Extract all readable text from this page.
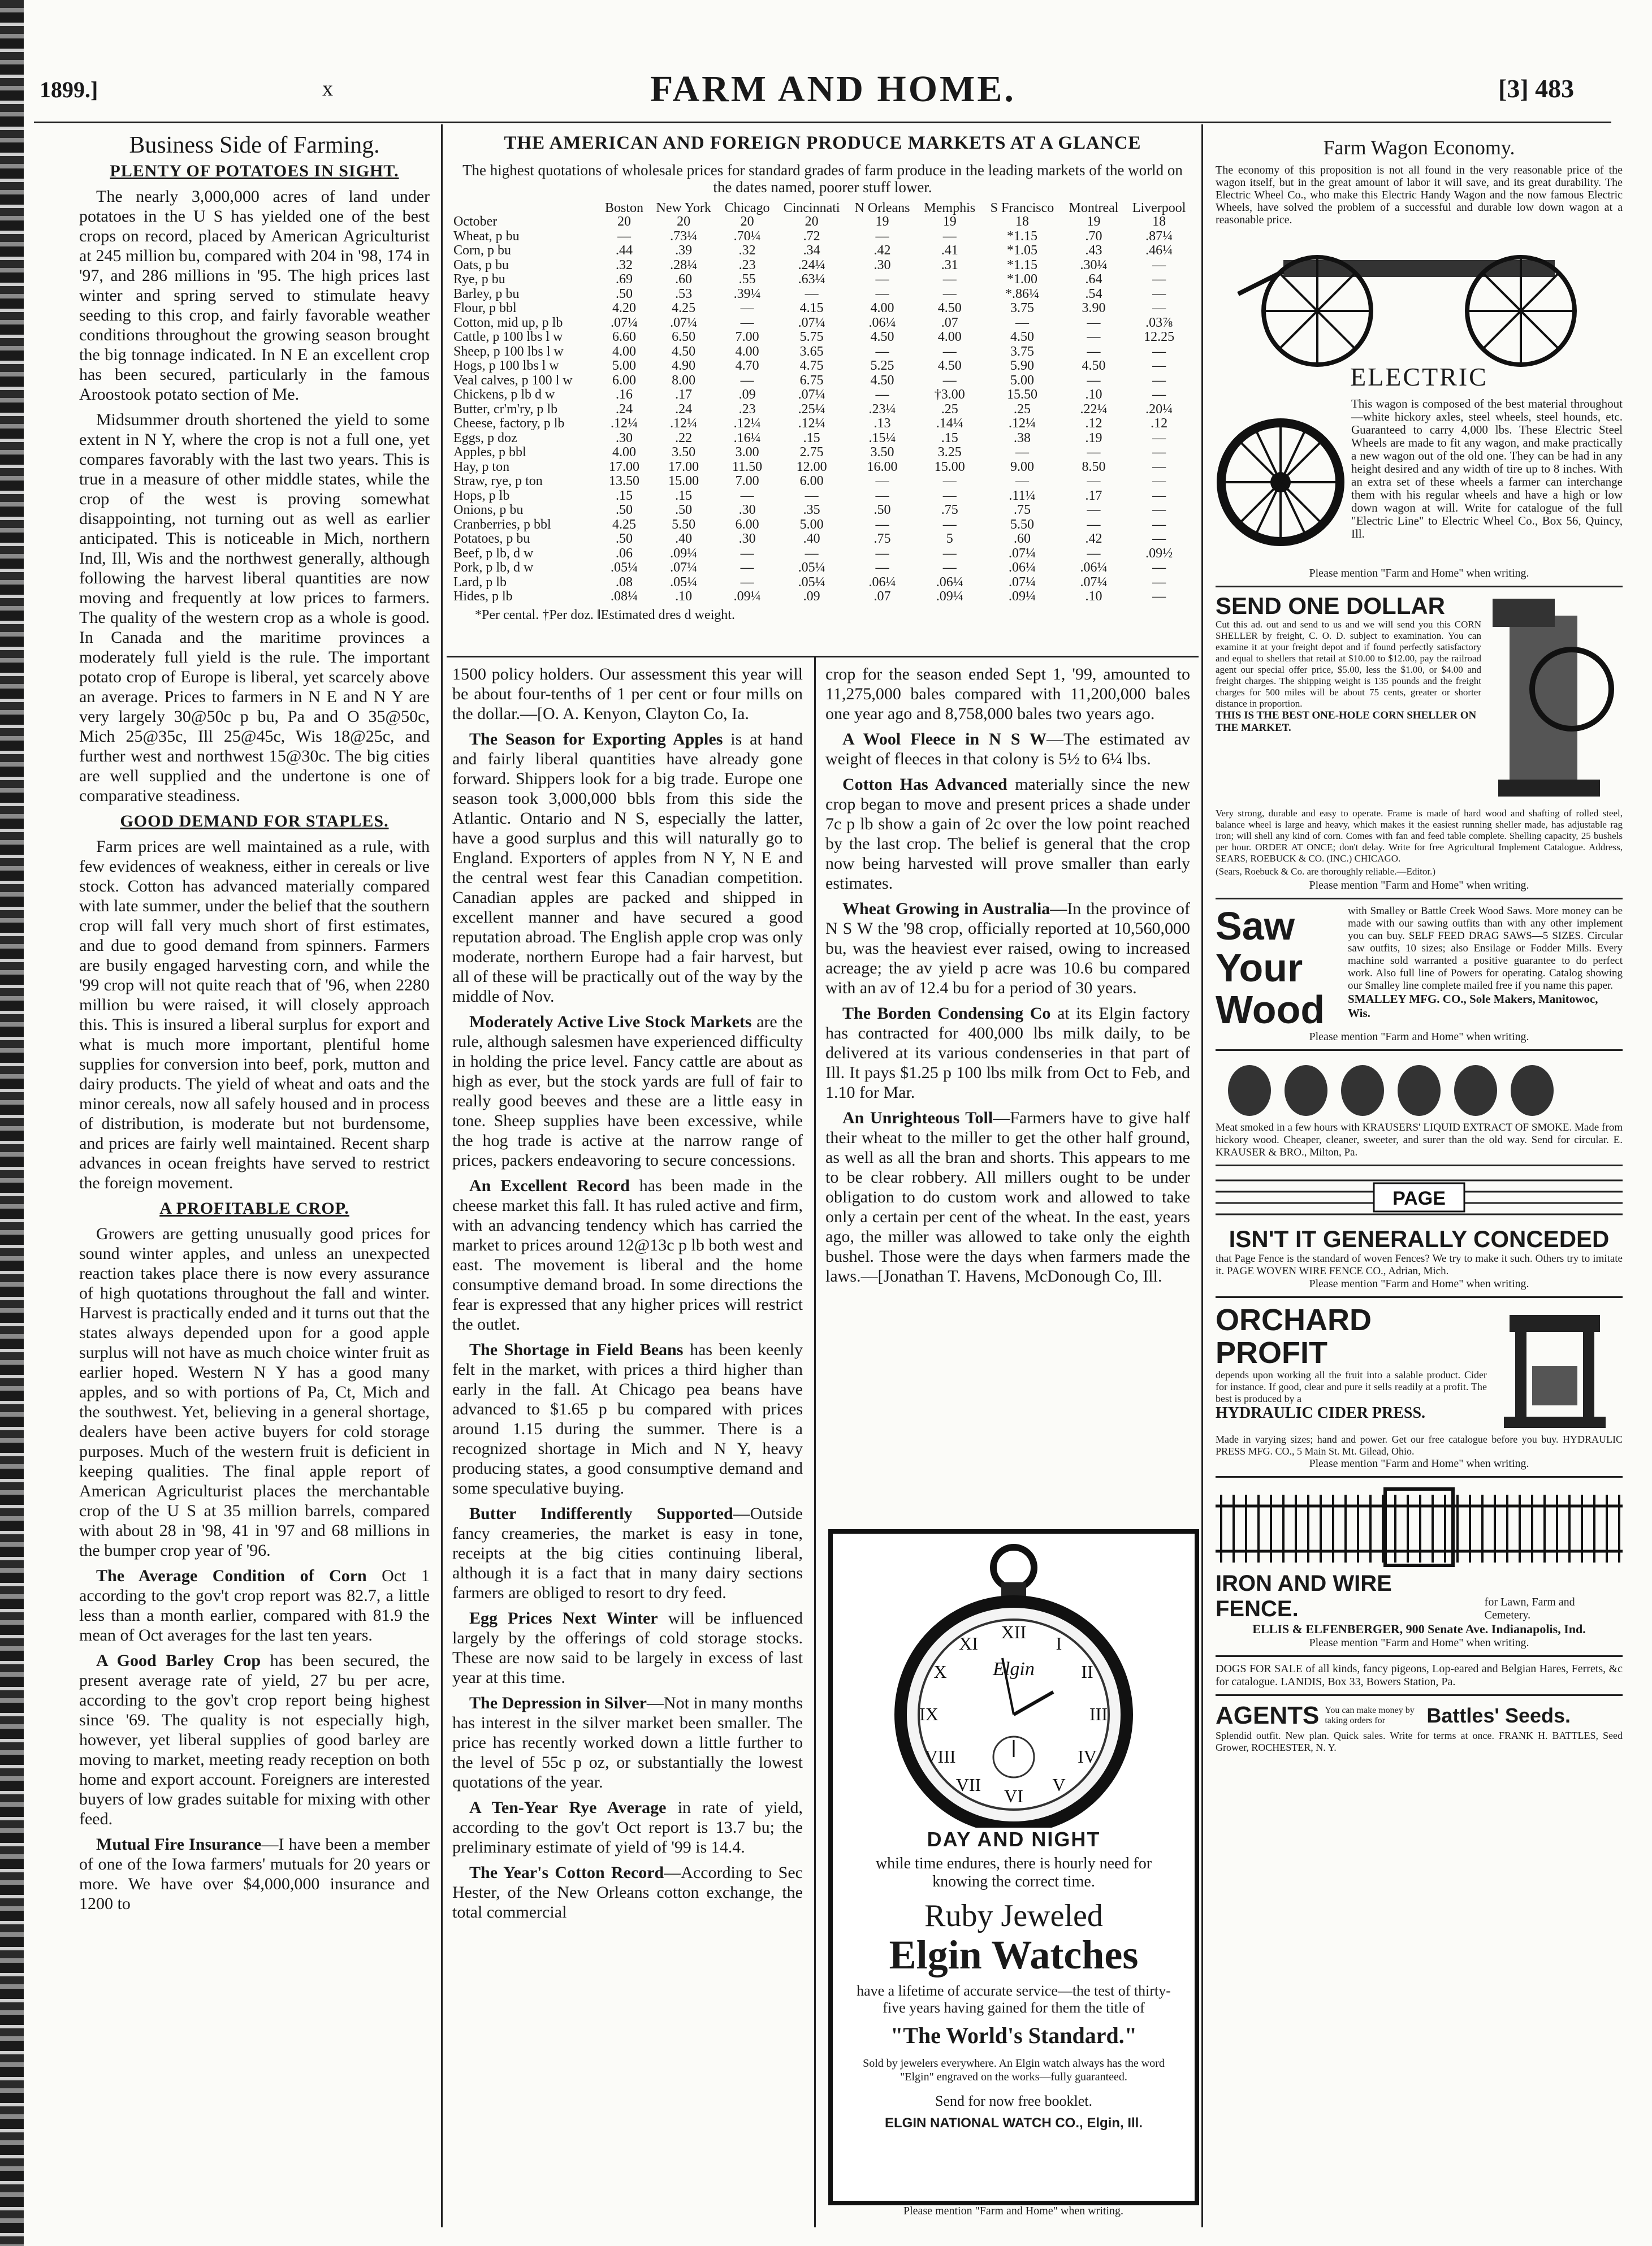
1899.]	x	FARM AND HOME.	[3] 483

Business Side of Farming.

PLENTY OF POTATOES IN SIGHT.

The nearly 3,000,000 acres of land under potatoes in the U S has yielded one of the best crops on record, placed by American Agriculturist at 245 million bu, compared with 204 in '98, 174 in '97, and 286 millions in '95. The high prices last winter and spring served to stimulate heavy seeding to this crop, and fairly favorable weather conditions throughout the growing season brought the big tonnage indicated. In N E an excellent crop has been secured, particularly in the famous Aroostook potato section of Me.

Midsummer drouth shortened the yield to some extent in N Y, where the crop is not a full one, yet compares favorably with the last two years. This is true in a measure of other middle states, while the crop of the west is proving somewhat disappointing, not turning out as well as earlier anticipated. This is noticeable in Mich, northern Ind, Ill, Wis and the northwest generally, although following the harvest liberal quantities are now moving and frequently at low prices to farmers. The quality of the western crop as a whole is good. In Canada and the maritime provinces a moderately full yield is the rule. The important potato crop of Europe is liberal, yet scarcely above an average. Prices to farmers in N E and N Y are very largely 30@50c p bu, Pa and O 35@50c, Mich 25@35c, Ill 25@45c, Wis 18@25c, and further west and northwest 15@30c. The big cities are well supplied and the undertone is one of comparative steadiness.

GOOD DEMAND FOR STAPLES.

Farm prices are well maintained as a rule, with few evidences of weakness, either in cereals or live stock. Cotton has advanced materially compared with late summer, under the belief that the southern crop will fall very much short of first estimates, and due to good demand from spinners. Farmers are busily engaged harvesting corn, and while the '99 crop will not quite reach that of '96, when 2280 million bu were raised, it will closely approach this. This is insured a liberal surplus for export and what is much more important, plentiful home supplies for conversion into beef, pork, mutton and dairy products. The yield of wheat and oats and the minor cereals, now all safely housed and in process of distribution, is moderate but not burdensome, and prices are fairly well maintained. Recent sharp advances in ocean freights have served to restrict the foreign movement.

A PROFITABLE CROP.

Growers are getting unusually good prices for sound winter apples, and unless an unexpected reaction takes place there is now every assurance of high quotations throughout the fall and winter. Harvest is practically ended and it turns out that the states always depended upon for a good apple surplus will not have as much choice winter fruit as earlier hoped. Western N Y has a good many apples, and so with portions of Pa, Ct, Mich and the southwest. Yet, believing in a general shortage, dealers have been active buyers for cold storage purposes. Much of the western fruit is deficient in keeping qualities. The final apple report of American Agriculturist places the merchantable crop of the U S at 35 million barrels, compared with about 28 in '98, 41 in '97 and 68 millions in the bumper crop year of '96.

The Average Condition of Corn Oct 1 according to the gov't crop report was 82.7, a little less than a month earlier, compared with 81.9 the mean of Oct averages for the last ten years.

A Good Barley Crop has been secured, the present average rate of yield, 27 bu per acre, according to the gov't crop report being highest since '69. The quality is not especially high, however, yet liberal supplies of good barley are moving to market, meeting ready reception on both home and export account. Foreigners are interested buyers of low grades suitable for mixing with other feed.

Mutual Fire Insurance—I have been a member of one of the Iowa farmers' mutuals for 20 years or more. We have over $4,000,000 insurance and 1200 to

THE AMERICAN AND FOREIGN PRODUCE MARKETS AT A GLANCE
The highest quotations of wholesale prices for standard grades of farm produce in the leading markets of the world on the dates named, poorer stuff lower.
	Boston	New York	Chicago	Cincinnati	N Orleans	Memphis	S Francisco	Montreal	Liverpool
October	20	20	20	20	19	19	18	19	18
Wheat, p bu	—	.73¼	.70¼	.72	—	—	*1.15	.70	.87¼
Corn, p bu	.44	.39	.32	.34	.42	.41	*1.05	.43	.46¼
Oats, p bu	.32	.28¼	.23	.24¼	.30	.31	*1.15	.30¼	—
Rye, p bu	.69	.60	.55	.63¼	—	—	*1.00	.64	—
Barley, p bu	.50	.53	.39¼	—	—	—	*.86¼	.54	—
Flour, p bbl	4.20	4.25	—	4.15	4.00	4.50	3.75	3.90	—
Cotton, mid up, p lb	.07¼	.07¼	—	.07¼	.06¼	.07	—	—	.03⅞
Cattle, p 100 lbs l w	6.60	6.50	7.00	5.75	4.50	4.00	4.50	—	12.25
Sheep, p 100 lbs l w	4.00	4.50	4.00	3.65	—	—	3.75	—	—
Hogs, p 100 lbs l w	5.00	4.90	4.70	4.75	5.25	4.50	5.90	4.50	—
Veal calves, p 100 l w	6.00	8.00	—	6.75	4.50	—	5.00	—	—
Chickens, p lb d w	.16	.17	.09	.07¼	—	†3.00	15.50	.10	—
Butter, cr'm'ry, p lb	.24	.24	.23	.25¼	.23¼	.25	.25	.22¼	.20¼
Cheese, factory, p lb	.12¼	.12¼	.12¼	.12¼	.13	.14¼	.12¼	.12	.12
Eggs, p doz	.30	.22	.16¼	.15	.15¼	.15	.38	.19	—
Apples, p bbl	4.00	3.50	3.00	2.75	3.50	3.25	—	—	—
Hay, p ton	17.00	17.00	11.50	12.00	16.00	15.00	9.00	8.50	—
Straw, rye, p ton	13.50	15.00	7.00	6.00	—	—	—	—	—
Hops, p lb	.15	.15	—	—	—	—	.11¼	.17	—
Onions, p bu	.50	.50	.30	.35	.50	.75	.75	—	—
Cranberries, p bbl	4.25	5.50	6.00	5.00	—	—	5.50	—	—
Potatoes, p bu	.50	.40	.30	.40	.75	5	.60	.42	—
Beef, p lb, d w	.06	.09¼	—	—	—	—	.07¼	—	.09½
Pork, p lb, d w	.05¼	.07¼	—	.05¼	—	—	.06¼	.06¼	—
Lard, p lb	.08	.05¼	—	.05¼	.06¼	.06¼	.07¼	.07¼	—
Hides, p lb	.08¼	.10	.09¼	.09	.07	.09¼	.09¼	.10	—
*Per cental. †Per doz. ‖Estimated dres d weight.

1500 policy holders. Our assessment this year will be about four-tenths of 1 per cent or four mills on the dollar.—[O. A. Kenyon, Clayton Co, Ia.

The Season for Exporting Apples is at hand and fairly liberal quantities have already gone forward. Shippers look for a big trade. Europe one season took 3,000,000 bbls from this side the Atlantic. Ontario and N S, especially the latter, have a good surplus and this will naturally go to England. Exporters of apples from N Y, N E and the central west fear this Canadian competition. Canadian apples are packed and shipped in excellent manner and have secured a good reputation abroad. The English apple crop was only moderate, northern Europe had a fair harvest, but all of these will be practically out of the way by the middle of Nov.

Moderately Active Live Stock Markets are the rule, although salesmen have experienced difficulty in holding the price level. Fancy cattle are about as high as ever, but the stock yards are full of fair to really good beeves and these are a little easy in tone. Sheep supplies have been excessive, while the hog trade is active at the narrow range of prices, packers endeavoring to secure concessions.

An Excellent Record has been made in the cheese market this fall. It has ruled active and firm, with an advancing tendency which has carried the market to prices around 12@13c p lb both west and east. The movement is liberal and the home consumptive demand broad. In some directions the fear is expressed that any higher prices will restrict the outlet.

The Shortage in Field Beans has been keenly felt in the market, with prices a third higher than early in the fall. At Chicago pea beans have advanced to $1.65 p bu compared with prices around 1.15 during the summer. There is a recognized shortage in Mich and N Y, heavy producing states, a good consumptive demand and some speculative buying.

Butter Indifferently Supported—Outside fancy creameries, the market is easy in tone, receipts at the big cities continuing liberal, although it is a fact that in many dairy sections farmers are obliged to resort to dry feed.

Egg Prices Next Winter will be influenced largely by the offerings of cold storage stocks. These are now said to be largely in excess of last year at this time.

The Depression in Silver—Not in many months has interest in the silver market been smaller. The price has recently worked down a little further to the level of 55c p oz, or substantially the lowest quotations of the year.

A Ten-Year Rye Average in rate of yield, according to the gov't Oct report is 13.7 bu; the preliminary estimate of yield of '99 is 14.4.

The Year's Cotton Record—According to Sec Hester, of the New Orleans cotton exchange, the total commercial

crop for the season ended Sept 1, '99, amounted to 11,275,000 bales compared with 11,200,000 bales one year ago and 8,758,000 bales two years ago.

A Wool Fleece in N S W—The estimated av weight of fleeces in that colony is 5½ to 6¼ lbs.

Cotton Has Advanced materially since the new crop began to move and present prices a shade under 7c p lb show a gain of 2c over the low point reached by the last crop. The belief is general that the crop now being harvested will prove smaller than early estimates.

Wheat Growing in Australia—In the province of N S W the '98 crop, officially reported at 10,560,000 bu, was the heaviest ever raised, owing to increased acreage; the av yield p acre was 10.6 bu compared with an av of 12.4 bu for a period of 30 years.

The Borden Condensing Co at its Elgin factory has contracted for 400,000 lbs milk daily, to be delivered at its various condenseries in that part of Ill. It pays $1.25 p 100 lbs milk from Oct to Feb, and 1.10 for Mar.

An Unrighteous Toll—Farmers have to give half their wheat to the miller to get the other half ground, as well as all the bran and shorts. This appears to me to be clear robbery. All millers ought to be under obligation to do custom work and allowed to take only a certain per cent of the wheat. In the east, years ago, the miller was allowed to take only the eighth bushel. Those were the days when farmers made the laws.—[Jonathan T. Havens, McDonough Co, Ill.

XII
I
II
III
IV
V
VI
VII
VIII
IX
X
XI
Elgin
DAY AND NIGHT
while time endures, there is hourly need for knowing the correct time.
Ruby Jeweled
Elgin Watches
have a lifetime of accurate service—the test of thirty-five years having gained for them the title of
"The World's Standard."
Sold by jewelers everywhere. An Elgin watch always has the word "Elgin" engraved on the works—fully guaranteed.
Send for now free booklet.
ELGIN NATIONAL WATCH CO., Elgin, Ill.
Please mention "Farm and Home" when writing.
Farm Wagon Economy.
The economy of this proposition is not all found in the very reasonable price of the wagon itself, but in the great amount of labor it will save, and its great durability. The Electric Wheel Co., who make this Electric Handy Wagon and the now famous Electric Wheels, have solved the problem of a successful and durable low down wagon at a reasonable price.
ELECTRIC
This wagon is composed of the best material throughout—white hickory axles, steel wheels, steel hounds, etc. Guaranteed to carry 4,000 lbs. These Electric Steel Wheels are made to fit any wagon, and make practically a new wagon out of the old one. They can be had in any height desired and any width of tire up to 8 inches. With an extra set of these wheels a farmer can interchange them with his regular wheels and have a high or low down wagon at will. Write for catalogue of the full "Electric Line" to Electric Wheel Co., Box 56, Quincy, Ill.
Please mention "Farm and Home" when writing.
SEND ONE DOLLAR
Cut this ad. out and send to us and we will send you this CORN SHELLER by freight, C. O. D. subject to examination. You can examine it at your freight depot and if found perfectly satisfactory and equal to shellers that retail at $10.00 to $12.00, pay the railroad agent our special offer price, $5.00, less the $1.00, or $4.00 and freight charges. The shipping weight is 135 pounds and the freight charges for 500 miles will be about 75 cents, greater or shorter distance in proportion.
THIS IS THE BEST ONE-HOLE CORN SHELLER ON THE MARKET.
Very strong, durable and easy to operate. Frame is made of hard wood and shafting of rolled steel, balance wheel is large and heavy, which makes it the easiest running sheller made, has adjustable rag iron; will shell any kind of corn. Comes with fan and feed table complete. Shelling capacity, 25 bushels per hour. ORDER AT ONCE; don't delay. Write for free Agricultural Implement Catalogue. Address, SEARS, ROEBUCK & CO. (INC.) CHICAGO.
(Sears, Roebuck & Co. are thoroughly reliable.—Editor.)
Please mention "Farm and Home" when writing.
Saw Your Wood
with Smalley or Battle Creek Wood Saws. More money can be made with our sawing outfits than with any other implement you can buy. SELF FEED DRAG SAWS—5 SIZES. Circular saw outfits, 10 sizes; also Ensilage or Fodder Mills. Every machine sold warranted a positive guarantee to do perfect work. Also full line of Powers for operating. Catalog showing our Smalley line complete mailed free if you name this paper.
SMALLEY MFG. CO., Sole Makers, Manitowoc, Wis.
Please mention "Farm and Home" when writing.
Meat smoked in a few hours with KRAUSERS' LIQUID EXTRACT OF SMOKE. Made from hickory wood. Cheaper, cleaner, sweeter, and surer than the old way. Send for circular. E. KRAUSER & BRO., Milton, Pa.
PAGE
ISN'T IT GENERALLY CONCEDED
that Page Fence is the standard of woven Fences? We try to make it such. Others try to imitate it. PAGE WOVEN WIRE FENCE CO., Adrian, Mich.
Please mention "Farm and Home" when writing.
ORCHARD PROFIT
depends upon working all the fruit into a salable product. Cider for instance. If good, clear and pure it sells readily at a profit. The best is produced by a
HYDRAULIC CIDER PRESS.
Made in varying sizes; hand and power. Get our free catalogue before you buy. HYDRAULIC PRESS MFG. CO., 5 Main St. Mt. Gilead, Ohio.
Please mention "Farm and Home" when writing.
IRON AND WIRE FENCE.	for Lawn, Farm and Cemetery.
ELLIS & ELFENBERGER, 900 Senate Ave. Indianapolis, Ind.
Please mention "Farm and Home" when writing.
DOGS FOR SALE of all kinds, fancy pigeons, Lop-eared and Belgian Hares, Ferrets, &c for catalogue. LANDIS, Box 33, Bowers Station, Pa.
AGENTS You can make money by taking orders for	Battles' Seeds.
Splendid outfit. New plan. Quick sales. Write for terms at once. FRANK H. BATTLES, Seed Grower, ROCHESTER, N. Y.
